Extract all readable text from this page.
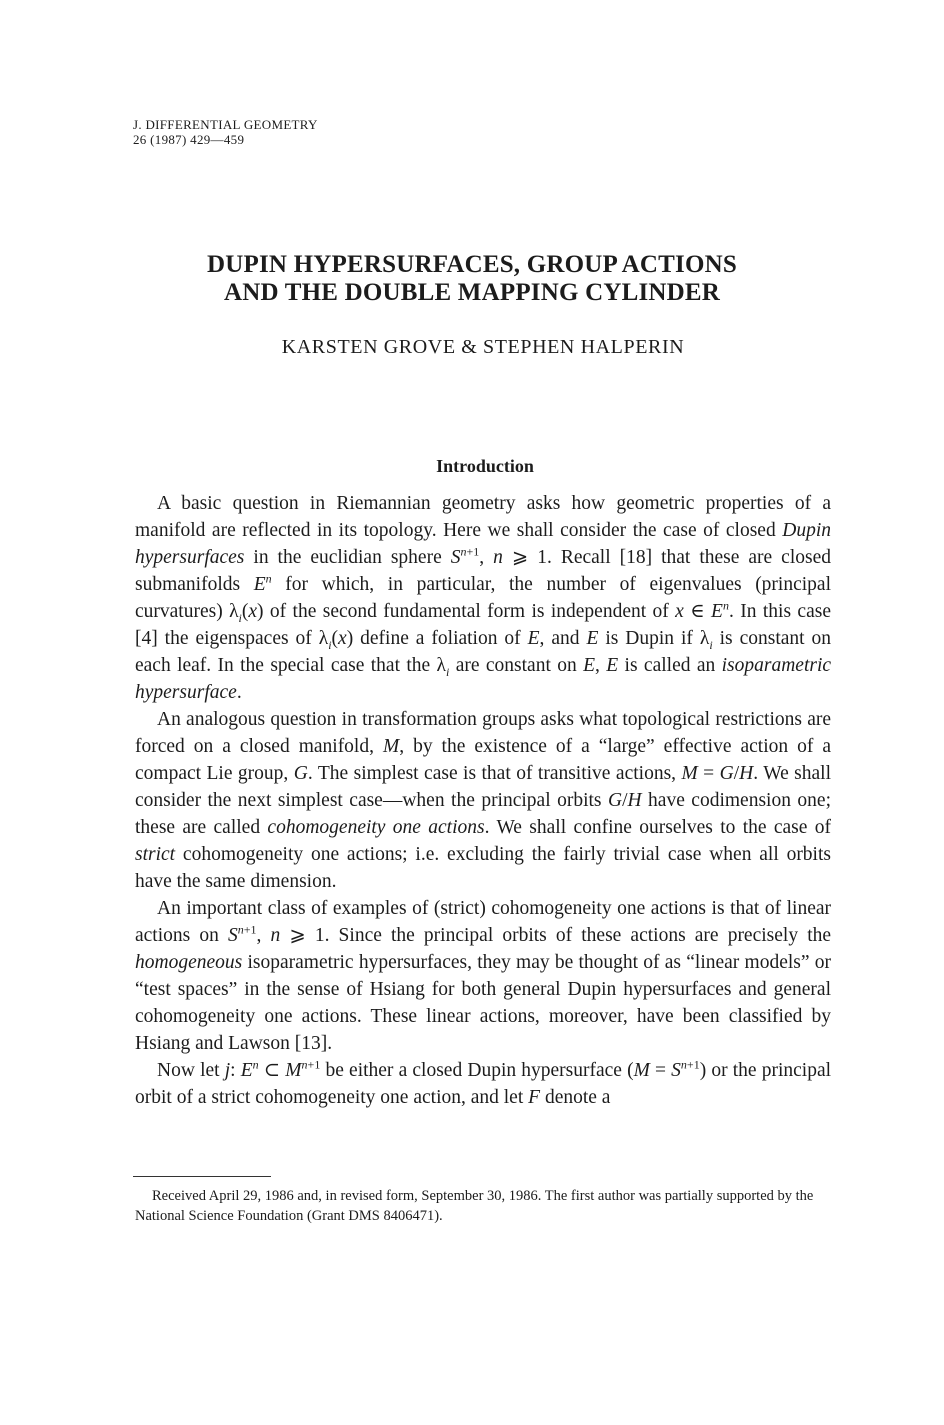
J. DIFFERENTIAL GEOMETRY
26 (1987) 429—459
DUPIN HYPERSURFACES, GROUP ACTIONS
AND THE DOUBLE MAPPING CYLINDER
KARSTEN GROVE & STEPHEN HALPERIN
Introduction

A basic question in Riemannian geometry asks how geometric properties of a manifold are reflected in its topology. Here we shall consider the case of closed Dupin hypersurfaces in the euclidian sphere $S^{n+1}$, n ⩾ 1. Recall [18] that these are closed submanifolds $E^n$ for which, in particular, the number of eigenvalues (principal curvatures) $\lambda_i(x)$ of the second fundamental form is independent of x ∈ $E^n$. In this case [4] the eigenspaces of $\lambda_i(x)$ define a foliation of E, and E is Dupin if $\lambda_i$ is constant on each leaf. In the special case that the $\lambda_i$ are constant on E, E is called an isoparametric hypersurface.

An analogous question in transformation groups asks what topological restrictions are forced on a closed manifold, M, by the existence of a “large” effective action of a compact Lie group, G. The simplest case is that of transitive actions, M = G/H. We shall consider the next simplest case—when the principal orbits G/H have codimension one; these are called cohomogeneity one actions. We shall confine ourselves to the case of strict cohomogeneity one actions; i.e. excluding the fairly trivial case when all orbits have the same dimension.

An important class of examples of (strict) cohomogeneity one actions is that of linear actions on $S^{n+1}$, n ⩾ 1. Since the principal orbits of these actions are precisely the homogeneous isoparametric hypersurfaces, they may be thought of as “linear models” or “test spaces” in the sense of Hsiang for both general Dupin hypersurfaces and general cohomogeneity one actions. These linear actions, moreover, have been classified by Hsiang and Lawson [13].

Now let j: $E^n$ ⊂ $M^{n+1}$ be either a closed Dupin hypersurface $(M = S^{n+1})$ or the principal orbit of a strict cohomogeneity one action, and let F denote a

Received April 29, 1986 and, in revised form, September 30, 1986. The first author was partially supported by the National Science Foundation (Grant DMS 8406471).
